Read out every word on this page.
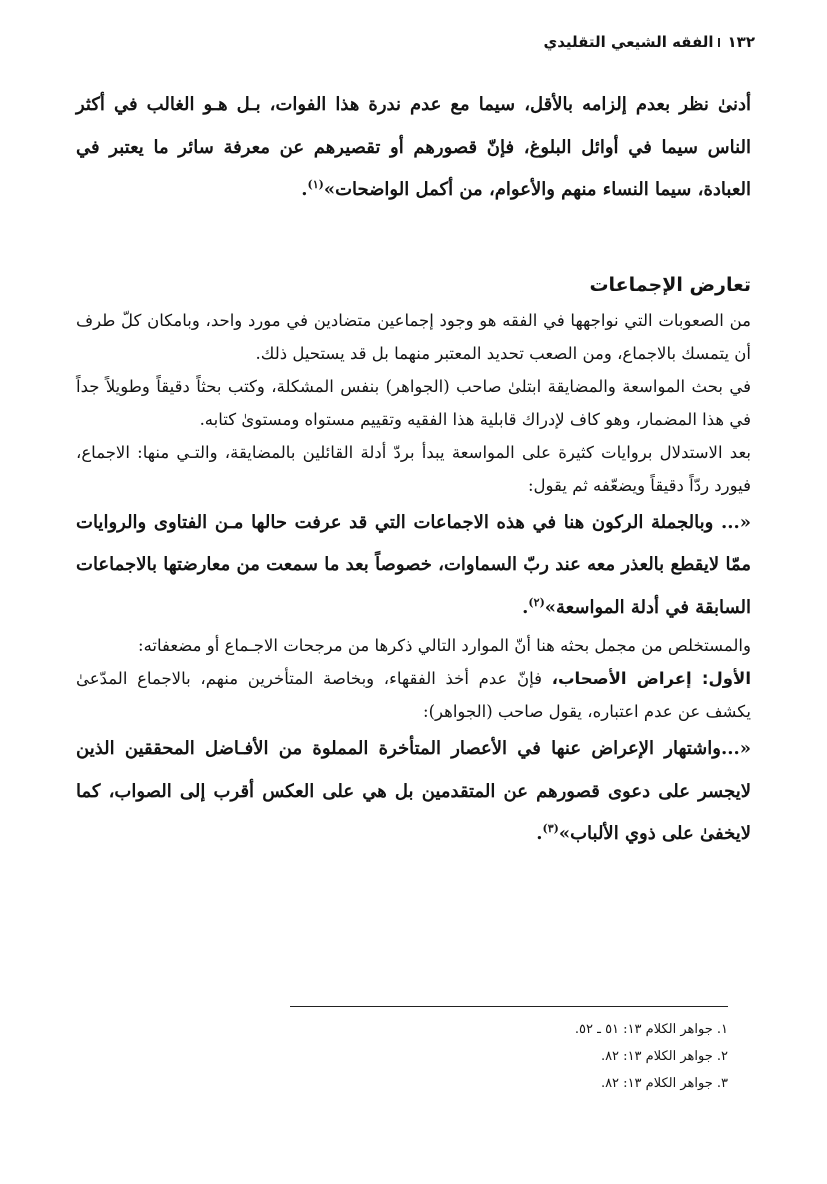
١٣٢
الفقه الشيعي التقليدي

أدنىٰ نظر بعدم إلزامه بالأقل، سيما مع عدم ندرة هذا الفوات، بـل هـو الغالب في أكثر الناس سيما في أوائل البلوغ، فإنّ قصورهم أو تقصيرهم عن معرفة سائر ما يعتبر في العبادة، سيما النساء منهم والأعوام، من أكمل الواضحات»$^{(١)}$.

تعارض الإجماعات

من الصعوبات التي نواجهها في الفقه هو وجود إجماعين متضادين في مورد واحد، وبامكان كلّ طرف أن يتمسك بالاجماع، ومن الصعب تحديد المعتبر منهما بل قد يستحيل ذلك.

في بحث المواسعة والمضايقة ابتلىٰ صاحب (الجواهر) بنفس المشكلة، وكتب بحثاً دقيقاً وطويلاً جداً في هذا المضمار، وهو كاف لإدراك قابلية هذا الفقيه وتقييم مستواه ومستوىٰ كتابه.

بعد الاستدلال بروايات كثيرة على المواسعة يبدأ بردّ أدلة القائلين بالمضايقة، والتـي منها: الاجماع، فيورد ردّاً دقيقاً ويضعّفه ثم يقول:

«... وبالجملة الركون هنا في هذه الاجماعات التي قد عرفت حالها مـن الفتاوى والروايات ممّا لايقطع بالعذر معه عند ربّ السماوات، خصوصاً بعد ما سمعت من معارضتها بالاجماعات السابقة في أدلة المواسعة»$^{(٢)}$.

والمستخلص من مجمل بحثه هنا أنّ الموارد التالي ذكرها من مرجحات الاجـماع أو مضعفاته:

الأول: إعراض الأصحاب، فإنّ عدم أخذ الفقهاء، وبخاصة المتأخرين منهم، بالاجماع المدّعىٰ يكشف عن عدم اعتباره، يقول صاحب (الجواهر):

«...واشتهار الإعراض عنها في الأعصار المتأخرة المملوة من الأفـاضل المحققين الذين لايجسر على دعوى قصورهم عن المتقدمين بل هي على العكس أقرب إلى الصواب، كما لايخفىٰ على ذوي الألباب»$^{(٣)}$.

١. جواهر الكلام ١٣: ٥١ ـ ٥٢.
٢. جواهر الكلام ١٣: ٨٢.
٣. جواهر الكلام ١٣: ٨٢.
